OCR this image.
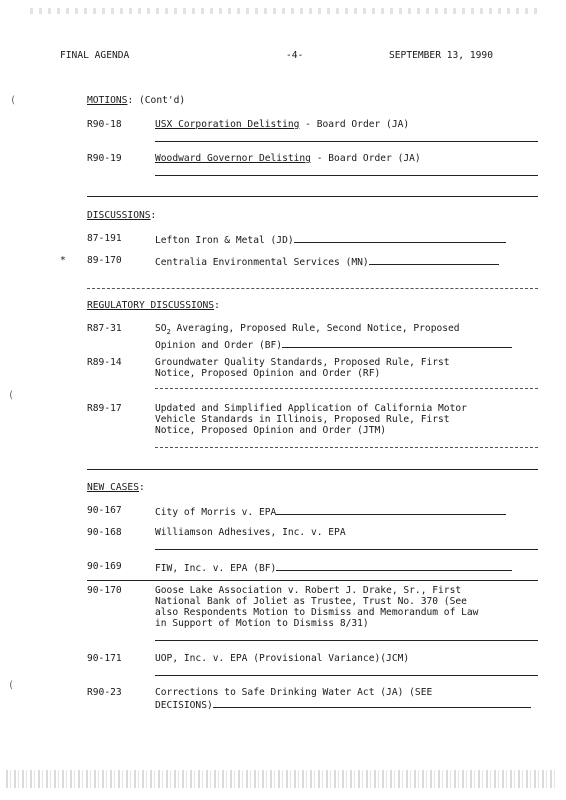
FINAL AGENDA	-4-	SEPTEMBER 13, 1990
(
(
(
MOTIONS: (Cont'd)
R90-18	USX Corporation Delisting - Board Order (JA)
R90-19	Woodward Governor Delisting - Board Order (JA)
DISCUSSIONS:
87-191	Lefton Iron & Metal (JD)
* 89-170	Centralia Environmental Services (MN)
REGULATORY DISCUSSIONS:
R87-31	$SO_2$ Averaging, Proposed Rule, Second Notice, Proposed
Opinion and Order (BF)
R89-14	Groundwater Quality Standards, Proposed Rule, First
Notice, Proposed Opinion and Order (RF)
R89-17	Updated and Simplified Application of California Motor
Vehicle Standards in Illinois, Proposed Rule, First
Notice, Proposed Opinion and Order (JTM)
NEW CASES:
90-167	City of Morris v. EPA
90-168	Williamson Adhesives, Inc. v. EPA
90-169	FIW, Inc. v. EPA (BF)
90-170	Goose Lake Association v. Robert J. Drake, Sr., First
National Bank of Joliet as Trustee, Trust No. 370 (See
also Respondents Motion to Dismiss and Memorandum of Law
in Support of Motion to Dismiss 8/31)
90-171	UOP, Inc. v. EPA (Provisional Variance)(JCM)
R90-23	Corrections to Safe Drinking Water Act (JA) (SEE
DECISIONS)
